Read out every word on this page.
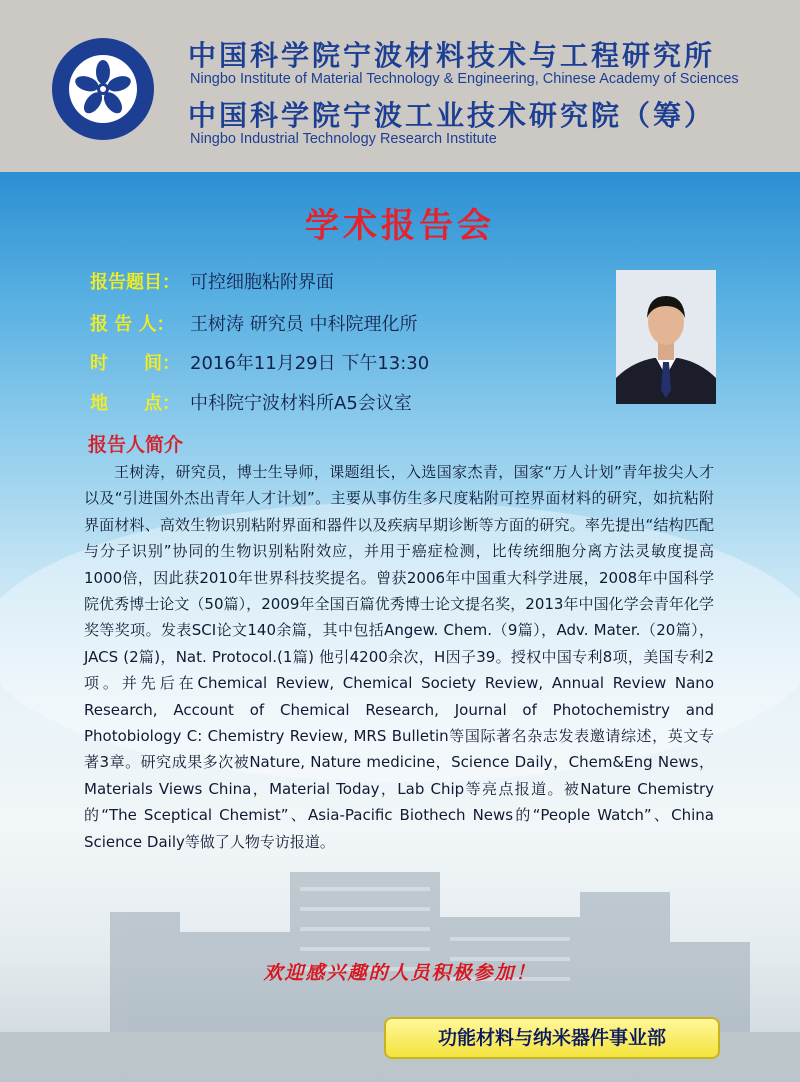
中国科学院宁波材料技术与工程研究所
Ningbo Institute of Material Technology & Engineering, Chinese Academy of Sciences
中国科学院宁波工业技术研究院（筹）
Ningbo Industrial Technology Research Institute
学术报告会
报告题目： 可控细胞粘附界面
报 告 人： 王树涛 研究员 中科院理化所
时　　间： 2016年11月29日 下午13:30
地　　点： 中科院宁波材料所A5会议室
报告人简介
王树涛，研究员，博士生导师，课题组长，入选国家杰青，国家“万人计划”青年拔尖人才以及“引进国外杰出青年人才计划”。主要从事仿生多尺度粘附可控界面材料的研究，如抗粘附界面材料、高效生物识别粘附界面和器件以及疾病早期诊断等方面的研究。率先提出“结构匹配与分子识别”协同的生物识别粘附效应，并用于癌症检测，比传统细胞分离方法灵敏度提高1000倍，因此获2010年世界科技奖提名。曾获2006年中国重大科学进展，2008年中国科学院优秀博士论文（50篇），2009年全国百篇优秀博士论文提名奖，2013年中国化学会青年化学奖等奖项。发表SCI论文140余篇，其中包括Angew. Chem.（9篇），Adv. Mater.（20篇），JACS (2篇)，Nat. Protocol.(1篇) 他引4200余次，H因子39。授权中国专利8项，美国专利2项。并先后在Chemical Review, Chemical Society Review, Annual Review Nano Research, Account of Chemical Research, Journal of Photochemistry and Photobiology C: Chemistry Review, MRS Bulletin等国际著名杂志发表邀请综述，英文专著3章。研究成果多次被Nature, Nature medicine，Science Daily，Chem&Eng News，Materials Views China，Material Today，Lab Chip等亮点报道。被Nature Chemistry的“The Sceptical Chemist”、Asia-Pacific Biothech News的“People Watch”、China Science Daily等做了人物专访报道。
欢迎感兴趣的人员积极参加！
功能材料与纳米器件事业部
